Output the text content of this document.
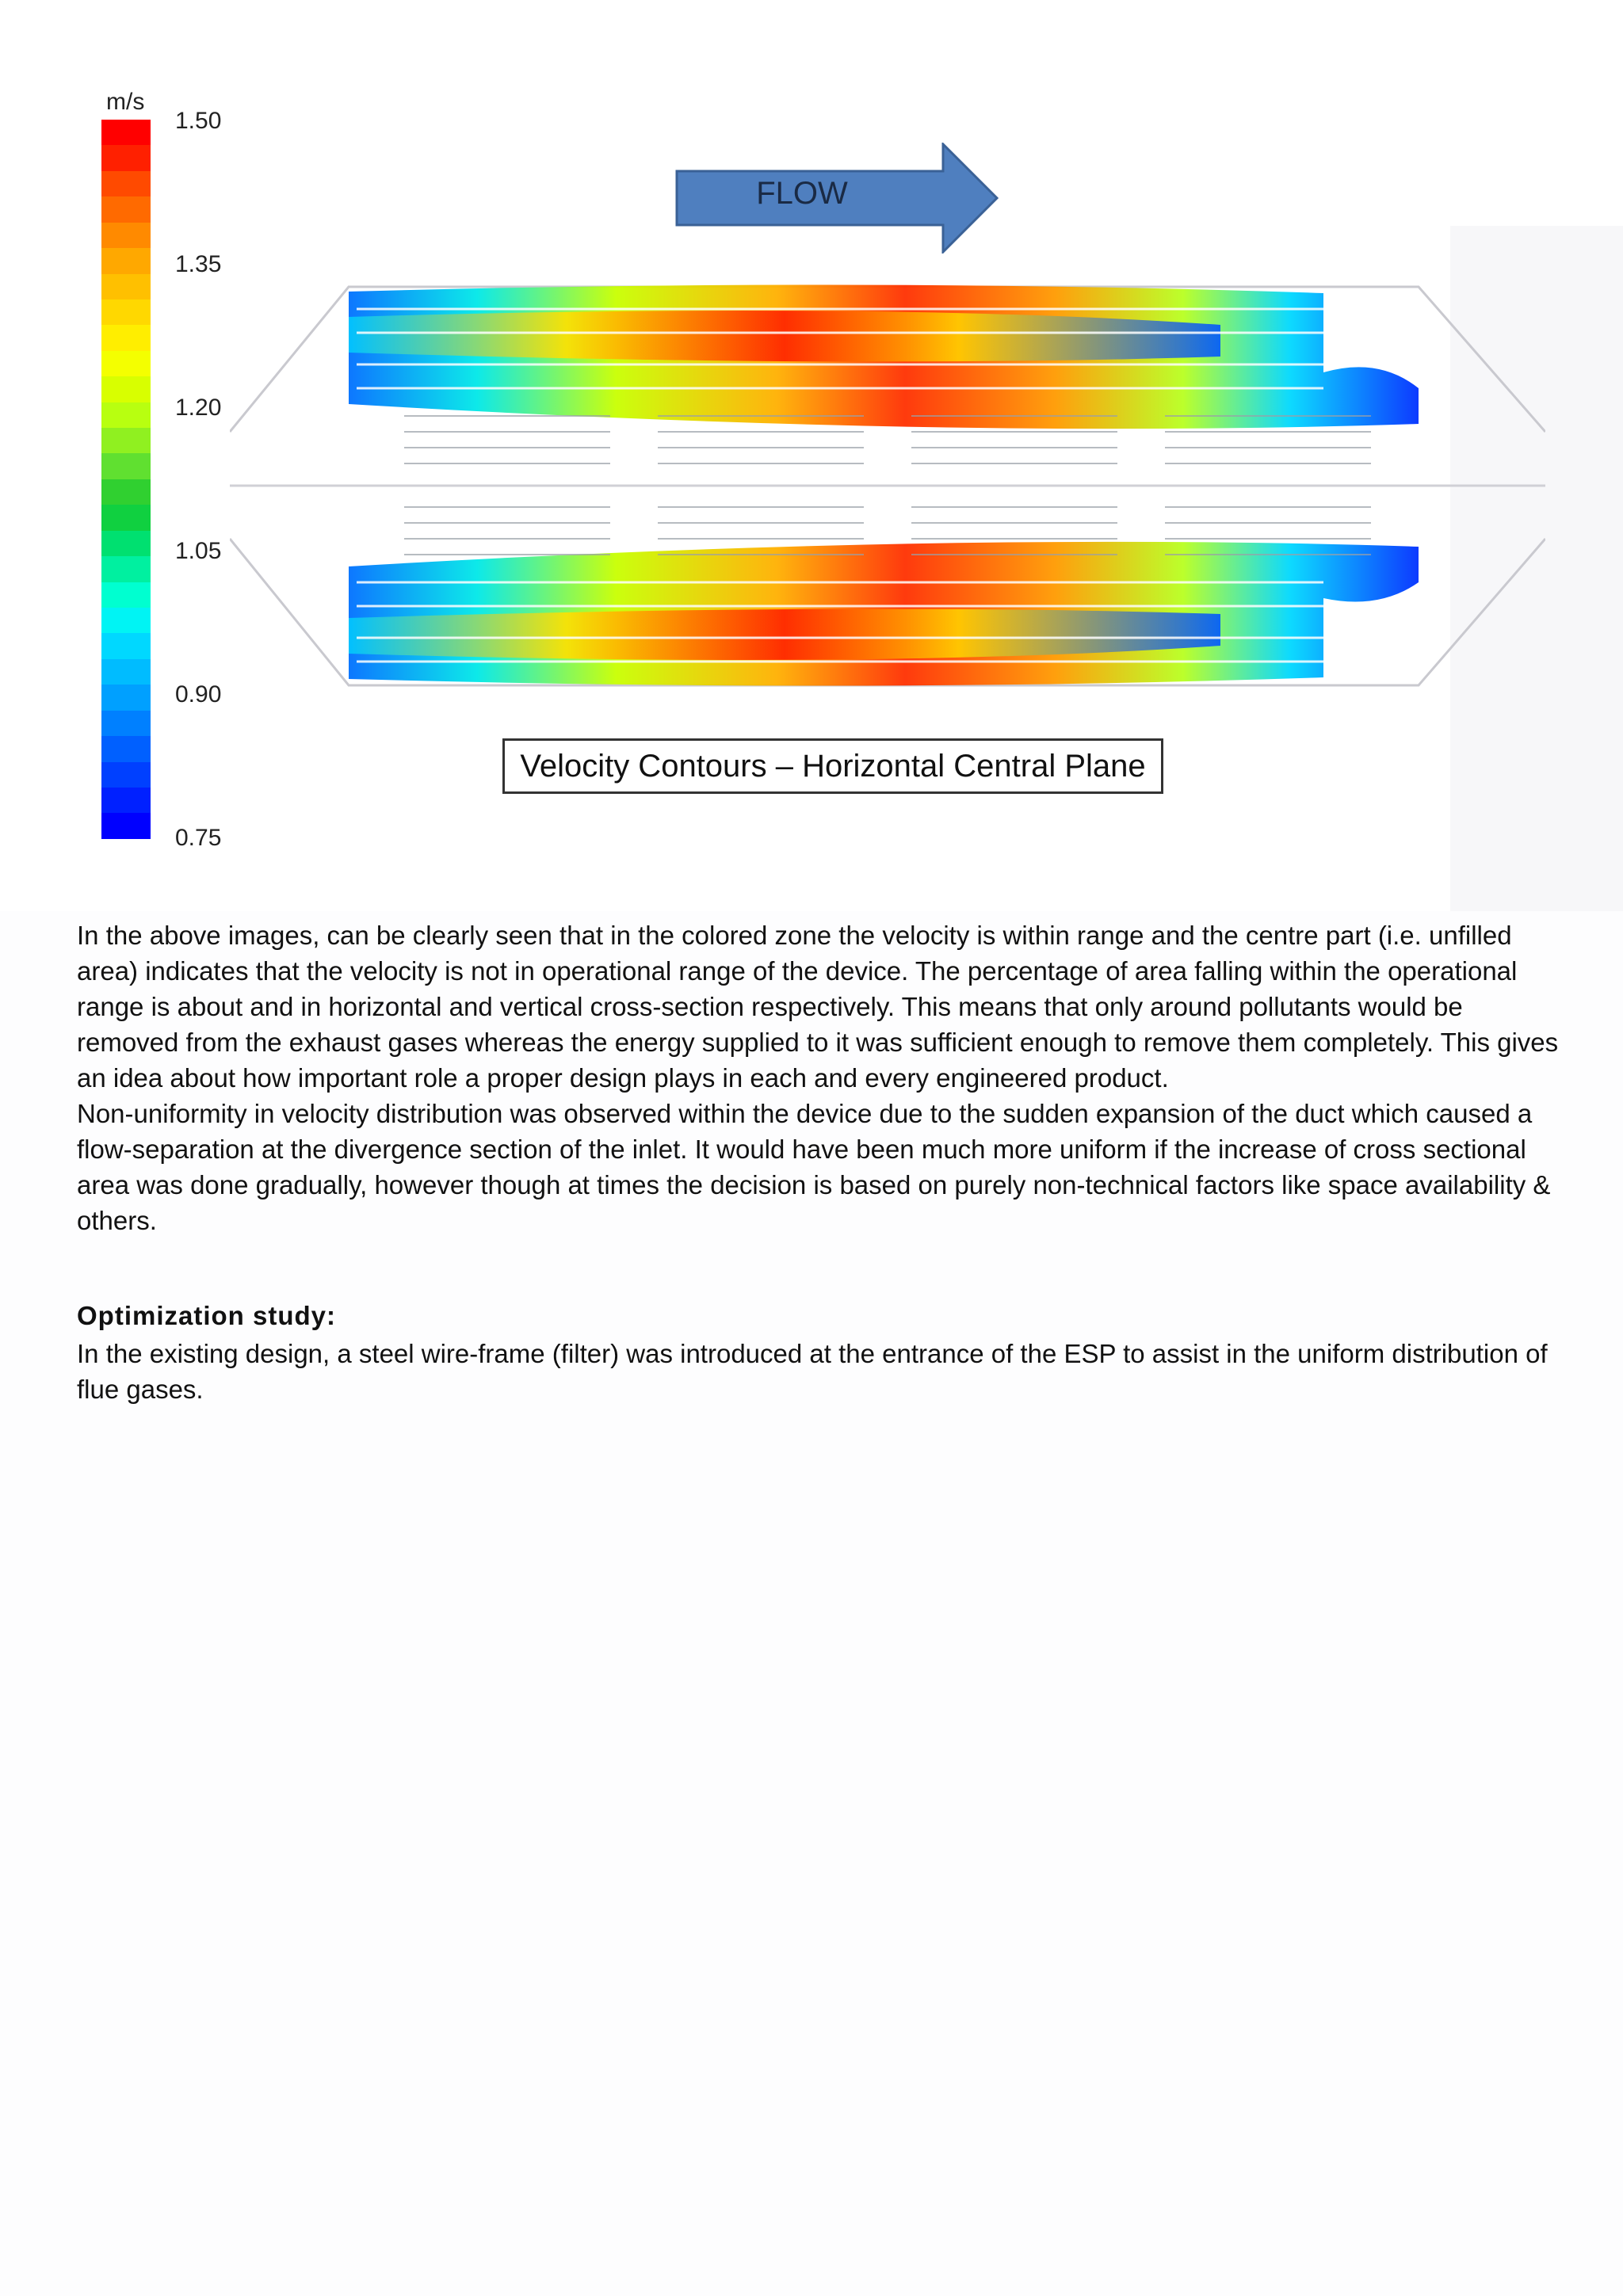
m/s
1.50
1.35
1.20
1.05
0.90
0.75
FLOW
Velocity Contours – Horizontal Central Plane

In the above images, can be clearly seen that in the colored zone the velocity is within range and the centre part (i.e. unfilled area) indicates that the velocity is not in operational range of the device. The percentage of area falling within the operational range is about and in horizontal and vertical cross-section respectively. This means that only around pollutants would be removed from the exhaust gases whereas the energy supplied to it was sufficient enough to remove them completely. This gives an idea about how important role a proper design plays in each and every engineered product.

Non-uniformity in velocity distribution was observed within the device due to the sudden expansion of the duct which caused a flow-separation at the divergence section of the inlet. It would have been much more uniform if the increase of cross sectional area was done gradually, however though at times the decision is based on purely non-technical factors like space availability & others.

Optimization study:

In the existing design, a steel wire-frame (filter) was introduced at the entrance of the ESP to assist in the uniform distribution of flue gases.
